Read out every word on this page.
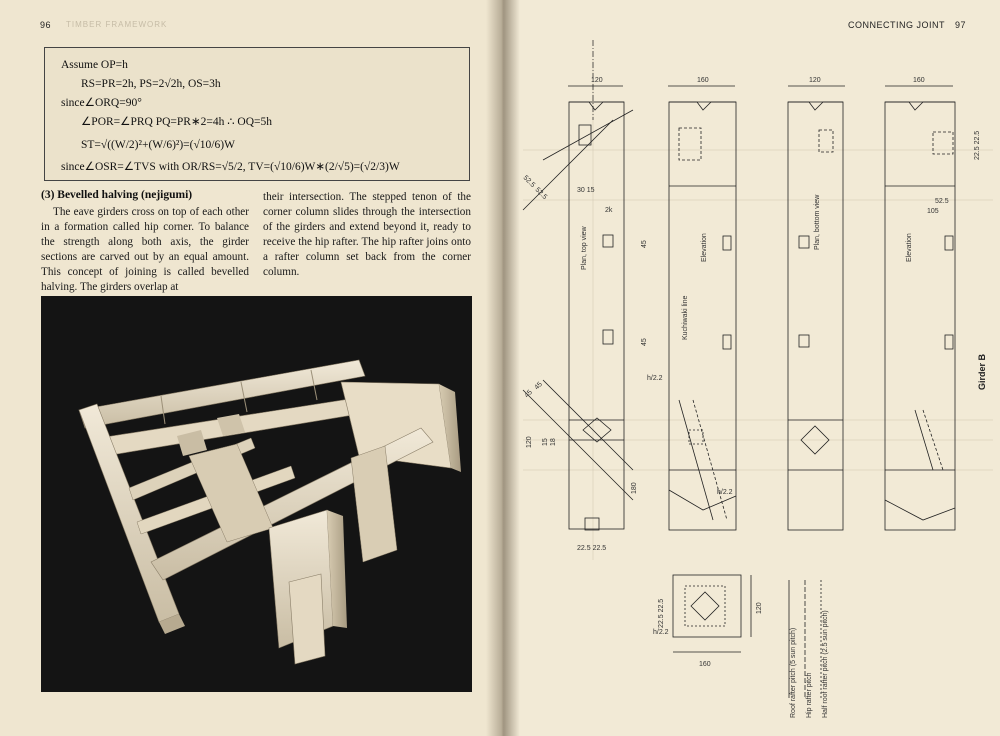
96 TIMBER FRAMEWORK
Assume OP=h
RS=PR=2h, PS=2√2h, OS=3h
since∠ORQ=90°
∠POR=∠PRQ PQ=PR∗2=4h ∴ OQ=5h
ST=√((W/2)²+(W/6)²)=(√10/6)W
since∠OSR=∠TVS with OR/RS=√5/2, TV=(√10/6)W∗(2/√5)=(√2/3)W
(3) Bevelled halving (nejigumi)
The eave girders cross on top of each other in a formation called hip corner. To balance the strength along both axis, the girder sections are carved out by an equal amount. This concept of joining is called bevelled halving. The girders overlap at
their intersection. The stepped tenon of the corner column slides through the intersection of the girders and extend beyond it, ready to receive the hip rafter. The hip rafter joins onto a rafter column set back from the corner column.
CONNECTING JOINT 97
120	160	120	160
Plan, top view	Elevation
Kuchiwaki line
Plan, bottom view	Elevation
Girder B
52.5
52.5	30 15
2k
45
45
45
45
120 15 18
180
22.5 22.5
h/2.2
h/2.2
52.5
105
22.5 22.5
22.5 22.5	120
160
h/2.2	Roof rafter pitch (5 sun pitch) Hip rafter pitch Half roof rafter pitch (2.5 sun pitch)
